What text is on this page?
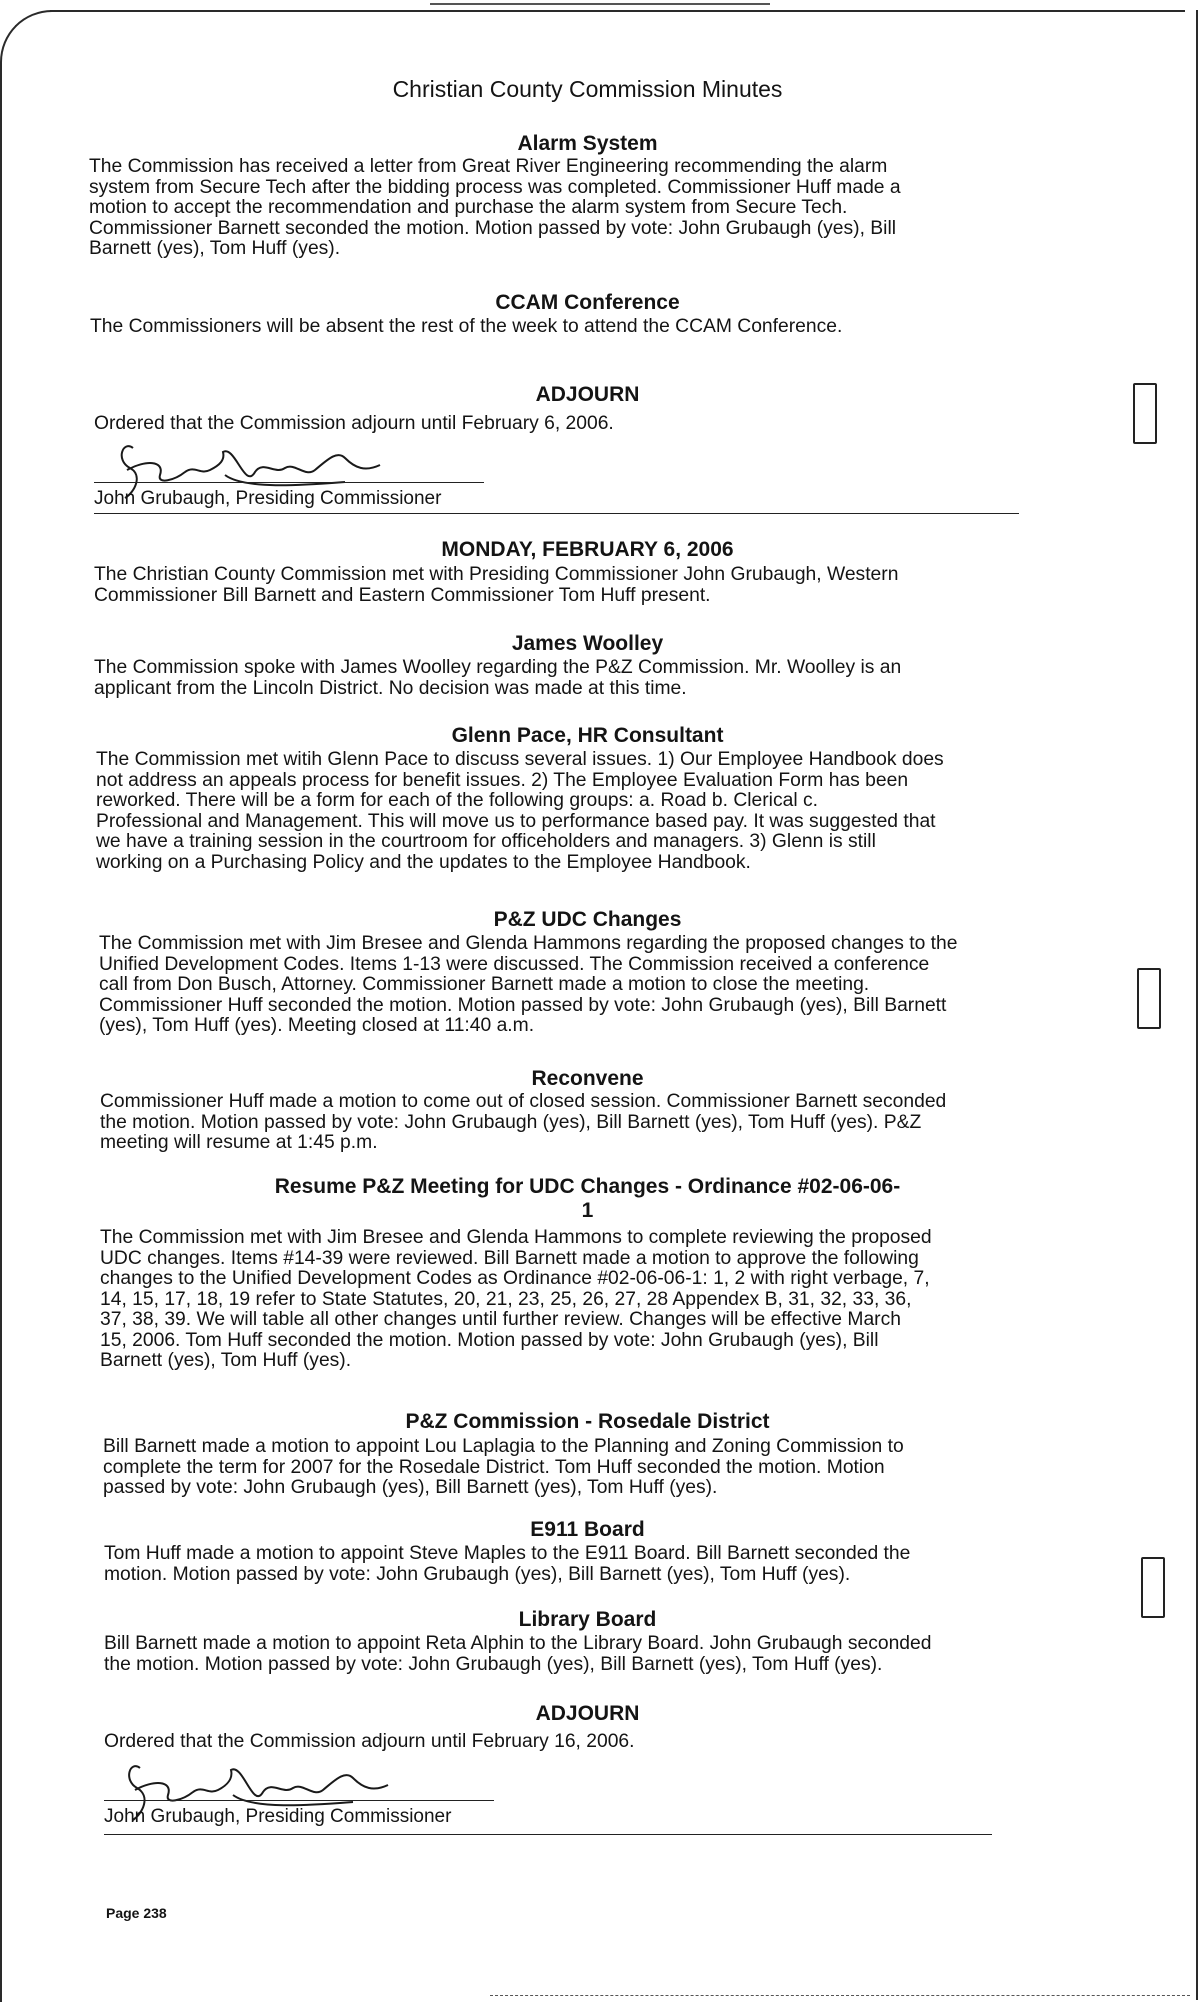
Christian County Commission Minutes
Alarm System
The Commission has received a letter from Great River Engineering recommending the alarm
system from Secure Tech after the bidding process was completed. Commissioner Huff made a
motion to accept the recommendation and purchase the alarm system from Secure Tech.
Commissioner Barnett seconded the motion. Motion passed by vote: John Grubaugh (yes), Bill
Barnett (yes), Tom Huff (yes).
CCAM Conference
The Commissioners will be absent the rest of the week to attend the CCAM Conference.
ADJOURN
Ordered that the Commission adjourn until February 6, 2006.
John Grubaugh, Presiding Commissioner
MONDAY, FEBRUARY 6, 2006
The Christian County Commission met with Presiding Commissioner John Grubaugh, Western
Commissioner Bill Barnett and Eastern Commissioner Tom Huff present.
James Woolley
The Commission spoke with James Woolley regarding the P&Z Commission. Mr. Woolley is an
applicant from the Lincoln District. No decision was made at this time.
Glenn Pace, HR Consultant
The Commission met witih Glenn Pace to discuss several issues. 1) Our Employee Handbook does
not address an appeals process for benefit issues. 2) The Employee Evaluation Form has been
reworked. There will be a form for each of the following groups: a. Road b. Clerical c.
Professional and Management. This will move us to performance based pay. It was suggested that
we have a training session in the courtroom for officeholders and managers. 3) Glenn is still
working on a Purchasing Policy and the updates to the Employee Handbook.
P&Z UDC Changes
The Commission met with Jim Bresee and Glenda Hammons regarding the proposed changes to the
Unified Development Codes. Items 1-13 were discussed. The Commission received a conference
call from Don Busch, Attorney. Commissioner Barnett made a motion to close the meeting.
Commissioner Huff seconded the motion. Motion passed by vote: John Grubaugh (yes), Bill Barnett
(yes), Tom Huff (yes). Meeting closed at 11:40 a.m.
Reconvene
Commissioner Huff made a motion to come out of closed session. Commissioner Barnett seconded
the motion. Motion passed by vote: John Grubaugh (yes), Bill Barnett (yes), Tom Huff (yes). P&Z
meeting will resume at 1:45 p.m.
Resume P&Z Meeting for UDC Changes - Ordinance #02-06-06-
1
The Commission met with Jim Bresee and Glenda Hammons to complete reviewing the proposed
UDC changes. Items #14-39 were reviewed. Bill Barnett made a motion to approve the following
changes to the Unified Development Codes as Ordinance #02-06-06-1: 1, 2 with right verbage, 7,
14, 15, 17, 18, 19 refer to State Statutes, 20, 21, 23, 25, 26, 27, 28 Appendex B, 31, 32, 33, 36,
37, 38, 39. We will table all other changes until further review. Changes will be effective March
15, 2006. Tom Huff seconded the motion. Motion passed by vote: John Grubaugh (yes), Bill
Barnett (yes), Tom Huff (yes).
P&Z Commission - Rosedale District
Bill Barnett made a motion to appoint Lou Laplagia to the Planning and Zoning Commission to
complete the term for 2007 for the Rosedale District. Tom Huff seconded the motion. Motion
passed by vote: John Grubaugh (yes), Bill Barnett (yes), Tom Huff (yes).
E911 Board
Tom Huff made a motion to appoint Steve Maples to the E911 Board. Bill Barnett seconded the
motion. Motion passed by vote: John Grubaugh (yes), Bill Barnett (yes), Tom Huff (yes).
Library Board
Bill Barnett made a motion to appoint Reta Alphin to the Library Board. John Grubaugh seconded
the motion. Motion passed by vote: John Grubaugh (yes), Bill Barnett (yes), Tom Huff (yes).
ADJOURN
Ordered that the Commission adjourn until February 16, 2006.
John Grubaugh, Presiding Commissioner
Page 238
